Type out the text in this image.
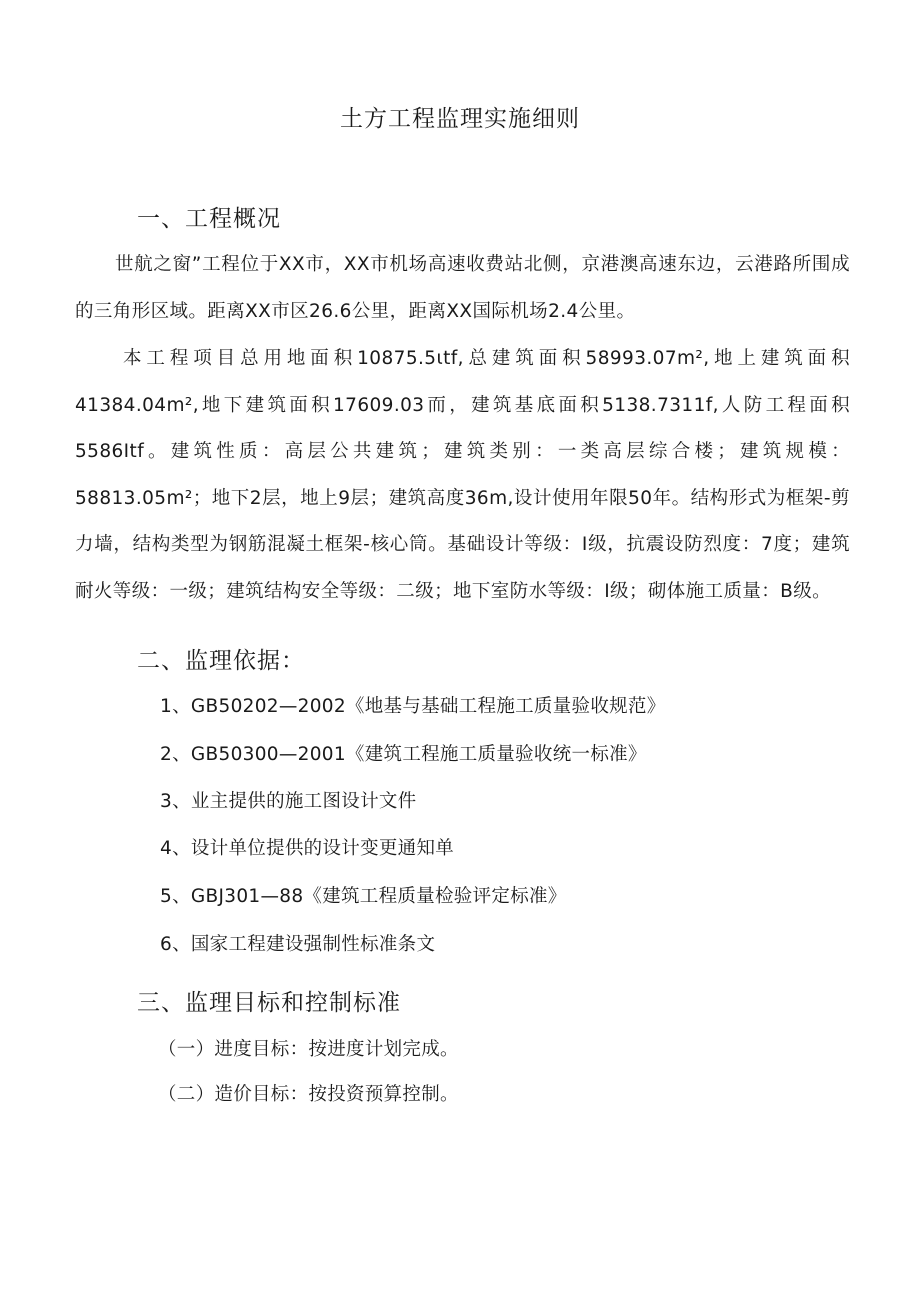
土方工程监理实施细则
一、工程概况

世航之窗”工程位于XX市，XX市机场高速收费站北侧，京港澳高速东边，云港路所围成的三角形区域。距离XX市区26.6公里，距离XX国际机场2.4公里。

本工程项目总用地面积10875.5ιtf,总建筑面积58993.07m²,地上建筑面积41384.04m²,地下建筑面积17609.03而，建筑基底面积5138.7311f,人防工程面积5586Itf。建筑性质：高层公共建筑；建筑类别：一类高层综合楼；建筑规模：58813.05m²；地下2层，地上9层；建筑高度36m,设计使用年限50年。结构形式为框架-剪力墙，结构类型为钢筋混凝土框架-核心筒。基础设计等级：I级，抗震设防烈度：7度；建筑耐火等级：一级；建筑结构安全等级：二级；地下室防水等级：I级；砌体施工质量：B级。

二、监理依据：

1、GB50202—2002《地基与基础工程施工质量验收规范》

2、GB50300—2001《建筑工程施工质量验收统一标准》

3、业主提供的施工图设计文件

4、设计单位提供的设计变更通知单

5、GBJ301—88《建筑工程质量检验评定标准》

6、国家工程建设强制性标准条文

三、监理目标和控制标准

（一）进度目标：按进度计划完成。

（二）造价目标：按投资预算控制。
